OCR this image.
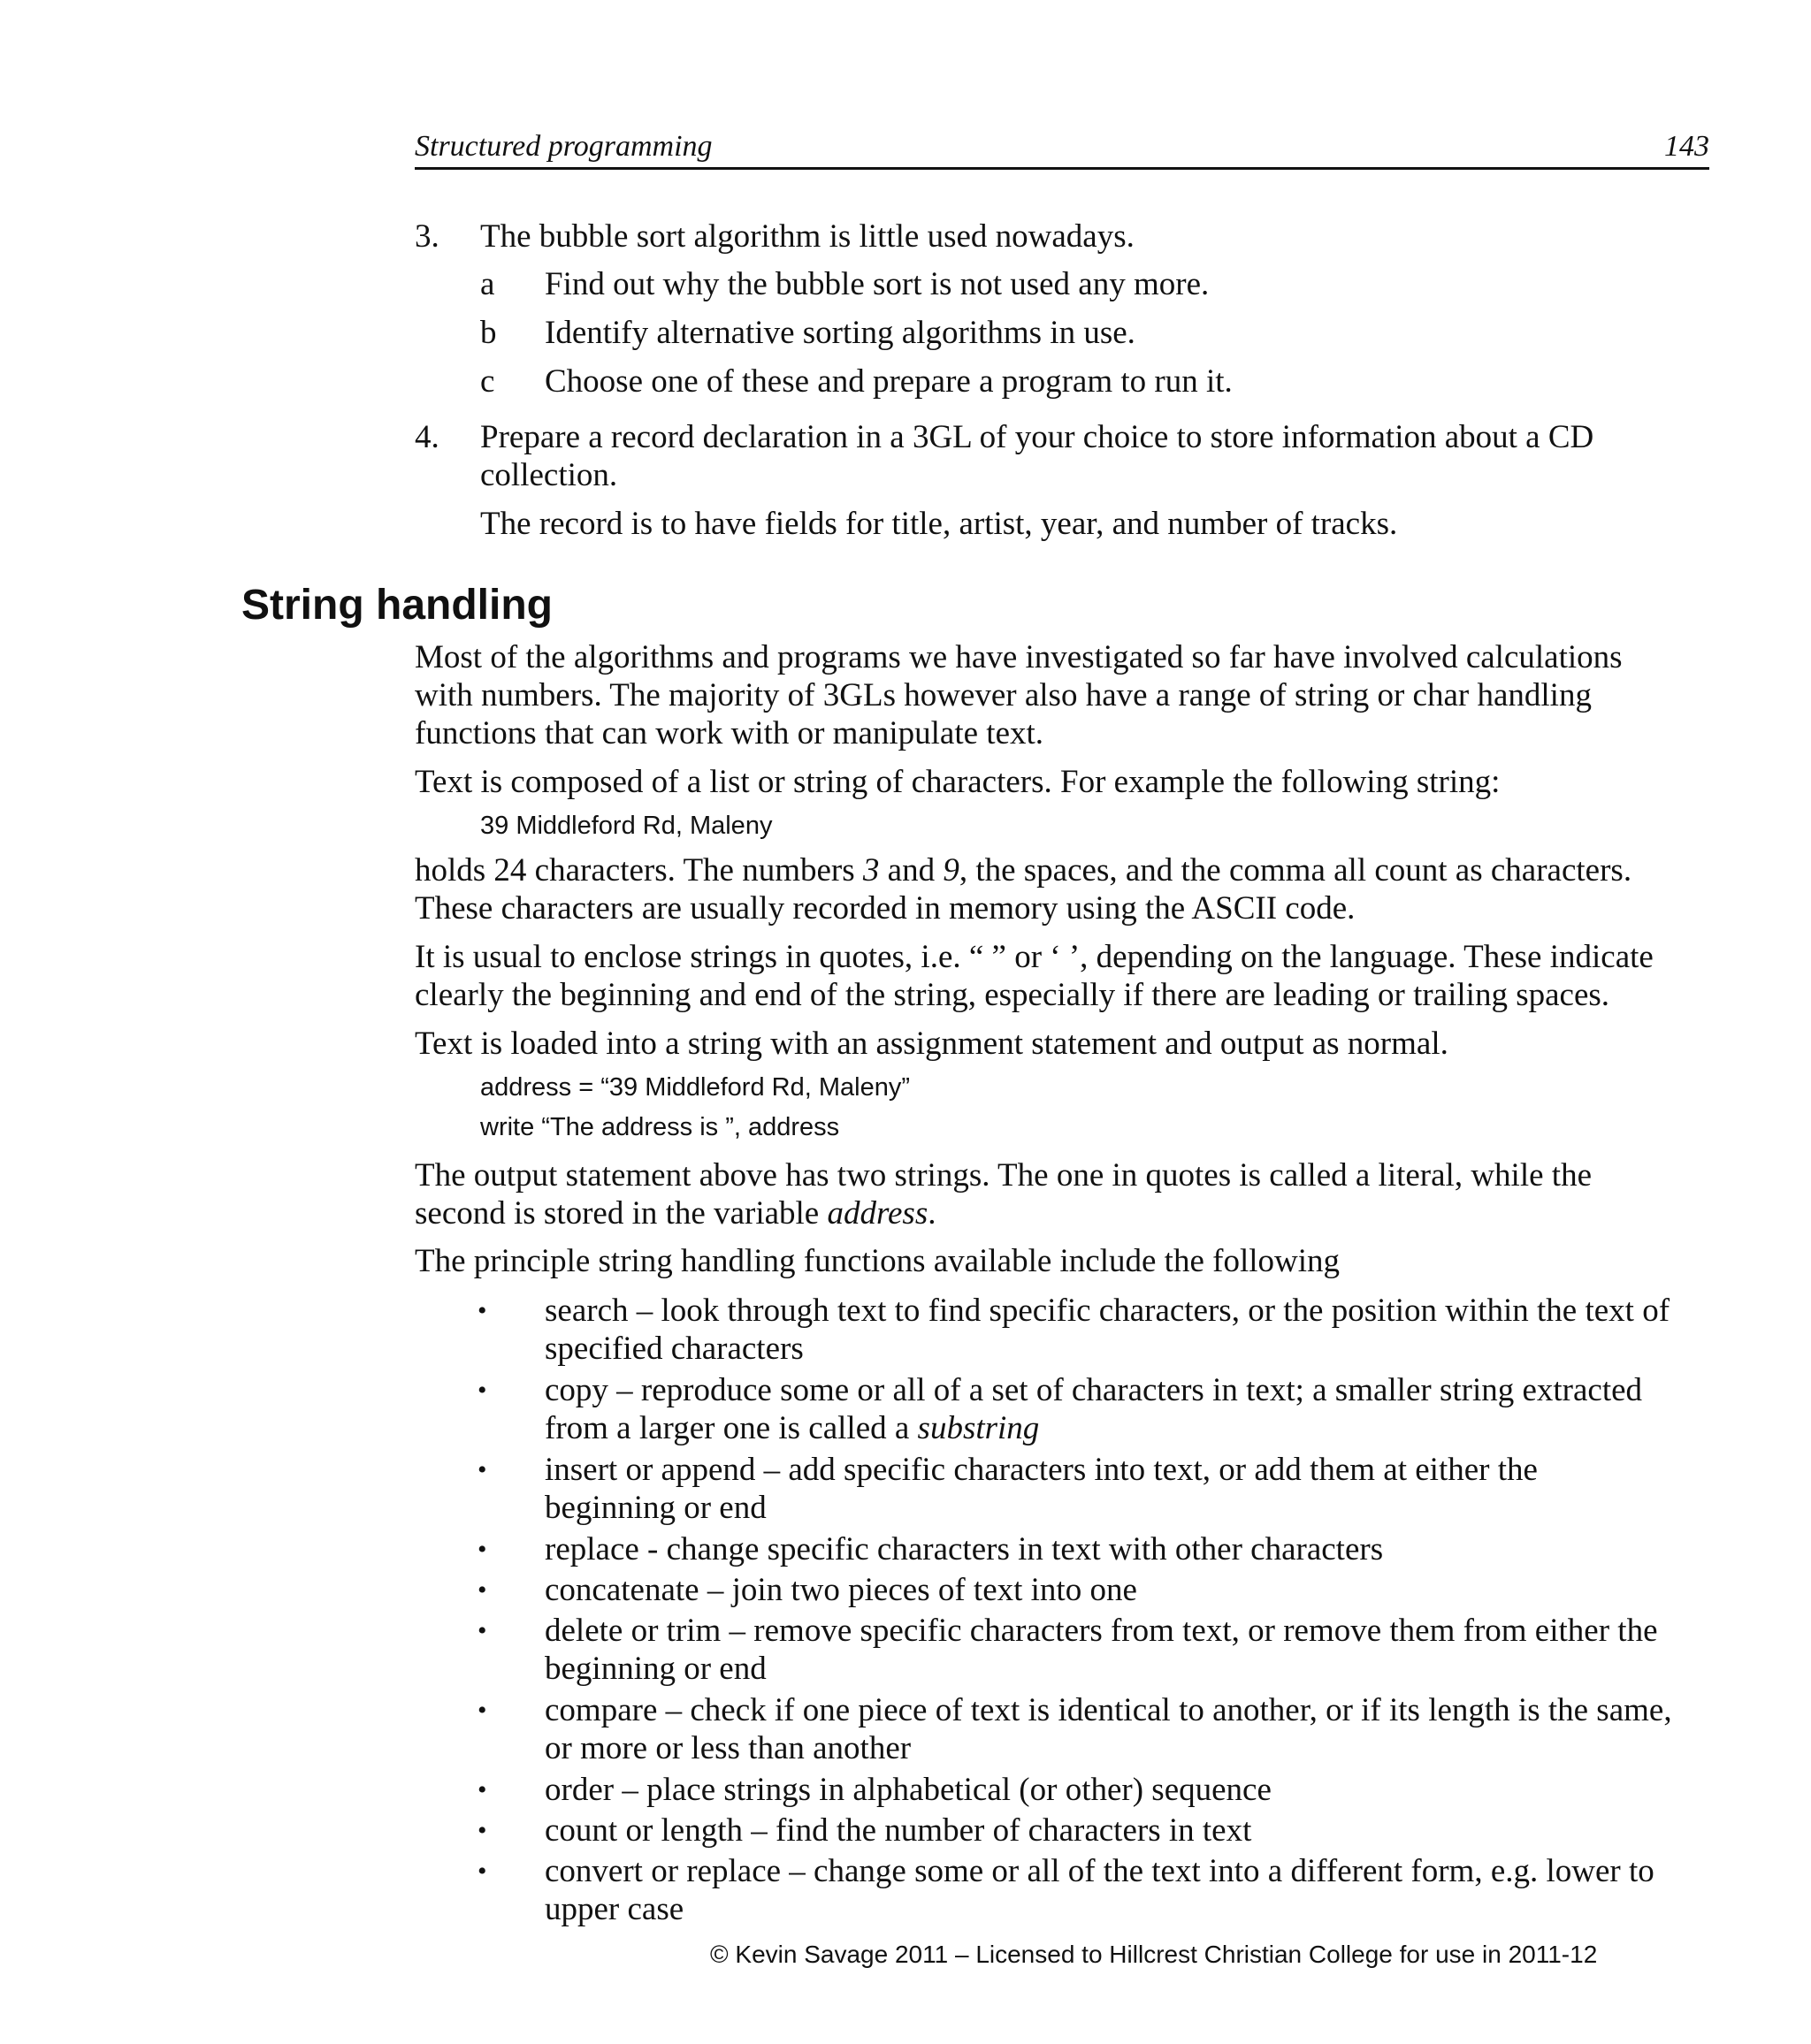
Structured programming	143
3. The bubble sort algorithm is little used nowadays.
a Find out why the bubble sort is not used any more.
b Identify alternative sorting algorithms in use.
c Choose one of these and prepare a program to run it.
4. Prepare a record declaration in a 3GL of your choice to store information about a CD
collection.
The record is to have fields for title, artist, year, and number of tracks.
String handling
Most of the algorithms and programs we have investigated so far have involved calculations
with numbers. The majority of 3GLs however also have a range of string or char handling
functions that can work with or manipulate text.
Text is composed of a list or string of characters. For example the following string:
holds 24 characters. The numbers 3 and 9, the spaces, and the comma all count as characters.
These characters are usually recorded in memory using the ASCII code.
It is usual to enclose strings in quotes, i.e. “ ” or ‘ ’, depending on the language. These indicate
clearly the beginning and end of the string, especially if there are leading or trailing spaces.
Text is loaded into a string with an assignment statement and output as normal.
The output statement above has two strings. The one in quotes is called a literal, while the
second is stored in the variable address.
The principle string handling functions available include the following
39 Middleford Rd, Maleny
address = “39 Middleford Rd, Maleny”
write “The address is ”, address
• search – look through text to find specific characters, or the position within the text of
specified characters
• copy – reproduce some or all of a set of characters in text; a smaller string extracted
from a larger one is called a substring
• insert or append – add specific characters into text, or add them at either the
beginning or end
• replace - change specific characters in text with other characters
• concatenate – join two pieces of text into one
• delete or trim – remove specific characters from text, or remove them from either the
beginning or end
• compare – check if one piece of text is identical to another, or if its length is the same,
or more or less than another
• order – place strings in alphabetical (or other) sequence
• count or length – find the number of characters in text
• convert or replace – change some or all of the text into a different form, e.g. lower to
upper case
© Kevin Savage 2011 – Licensed to Hillcrest Christian College for use in 2011-12
